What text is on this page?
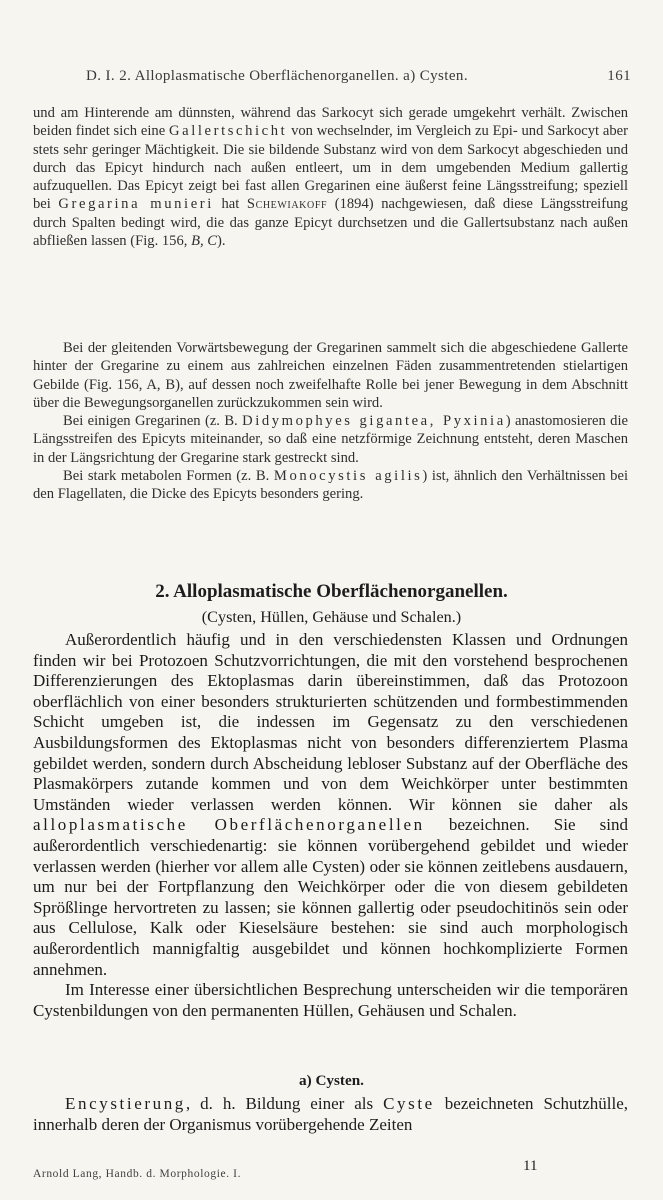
D. I. 2. Alloplasmatische Oberflächenorganellen. a) Cysten.	161

und am Hinterende am dünnsten, während das Sarkocyt sich gerade umgekehrt verhält. Zwischen beiden findet sich eine Gallertschicht von wechselnder, im Vergleich zu Epi- und Sarkocyt aber stets sehr geringer Mächtigkeit. Die sie bildende Substanz wird von dem Sarkocyt abgeschieden und durch das Epicyt hindurch nach außen entleert, um in dem umgebenden Medium gallertig aufzuquellen. Das Epicyt zeigt bei fast allen Gregarinen eine äußerst feine Längsstreifung; speziell bei Gregarina munieri hat Schewiakoff (1894) nachgewiesen, daß diese Längsstreifung durch Spalten bedingt wird, die das ganze Epicyt durchsetzen und die Gallertsubstanz nach außen abfließen lassen (Fig. 156, B, C).

Bei der gleitenden Vorwärtsbewegung der Gregarinen sammelt sich die abgeschiedene Gallerte hinter der Gregarine zu einem aus zahlreichen einzelnen Fäden zusammentretenden stielartigen Gebilde (Fig. 156, A, B), auf dessen noch zweifelhafte Rolle bei jener Bewegung in dem Abschnitt über die Bewegungsorganellen zurückzukommen sein wird.

Bei einigen Gregarinen (z. B. Didymophyes gigantea, Pyxinia) anastomosieren die Längsstreifen des Epicyts miteinander, so daß eine netzförmige Zeichnung entsteht, deren Maschen in der Längsrichtung der Gregarine stark gestreckt sind.

Bei stark metabolen Formen (z. B. Monocystis agilis) ist, ähnlich den Verhältnissen bei den Flagellaten, die Dicke des Epicyts besonders gering.

2. Alloplasmatische Oberflächenorganellen.
(Cysten, Hüllen, Gehäuse und Schalen.)

Außerordentlich häufig und in den verschiedensten Klassen und Ordnungen finden wir bei Protozoen Schutzvorrichtungen, die mit den vorstehend besprochenen Differenzierungen des Ektoplasmas darin übereinstimmen, daß das Protozoon oberflächlich von einer besonders strukturierten schützenden und formbestimmenden Schicht umgeben ist, die indessen im Gegensatz zu den verschiedenen Ausbildungsformen des Ektoplasmas nicht von besonders differenziertem Plasma gebildet werden, sondern durch Abscheidung lebloser Substanz auf der Oberfläche des Plasmakörpers zutande kommen und von dem Weichkörper unter bestimmten Umständen wieder verlassen werden können. Wir können sie daher als alloplasmatische Oberflächenorganellen bezeichnen. Sie sind außerordentlich verschiedenartig: sie können vorübergehend gebildet und wieder verlassen werden (hierher vor allem alle Cysten) oder sie können zeitlebens ausdauern, um nur bei der Fortpflanzung den Weichkörper oder die von diesem gebildeten Sprößlinge hervortreten zu lassen; sie können gallertig oder pseudochitinös sein oder aus Cellulose, Kalk oder Kieselsäure bestehen: sie sind auch morphologisch außerordentlich mannigfaltig ausgebildet und können hochkomplizierte Formen annehmen.

Im Interesse einer übersichtlichen Besprechung unterscheiden wir die temporären Cystenbildungen von den permanenten Hüllen, Gehäusen und Schalen.

a) Cysten.

Encystierung, d. h. Bildung einer als Cyste bezeichneten Schutzhülle, innerhalb deren der Organismus vorübergehende Zeiten

Arnold Lang, Handb. d. Morphologie. I.	11
